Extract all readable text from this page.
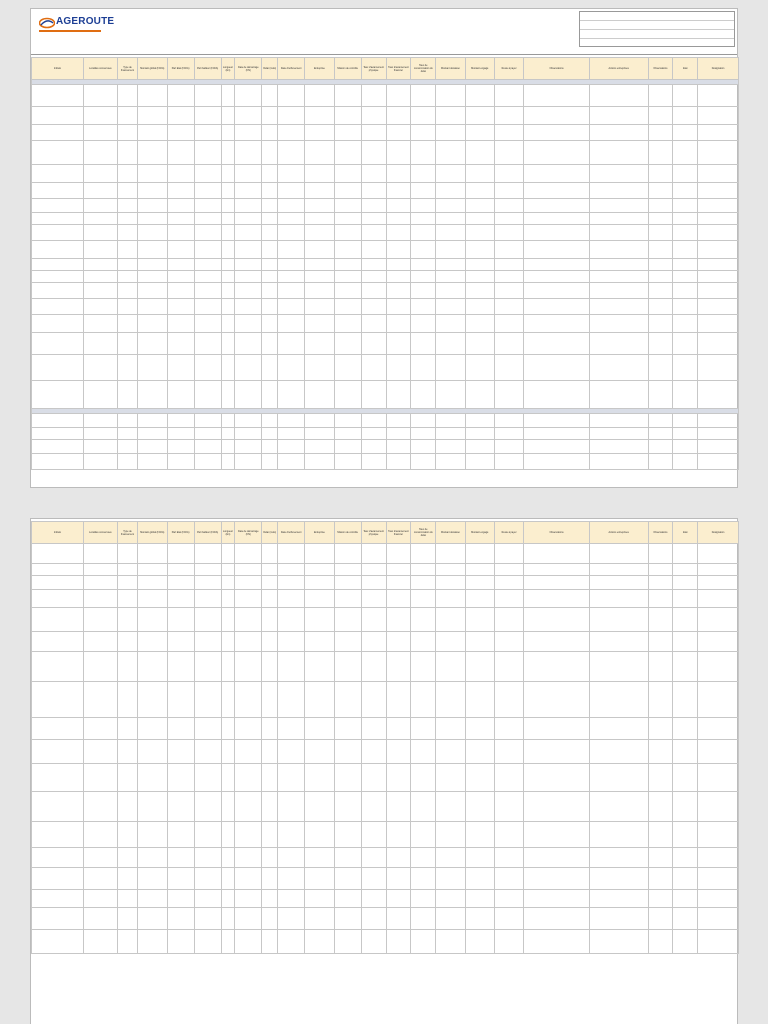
AGEROUTE
Intitulé	Localités concernées	Type de financement	Montant global (FCFA)	Part Etat (FCFA)	Part bailleur (FCFA)	Longueur (km)	Date de démarrage (OS)	Délai (mois)	Date d'achèvement	Entreprise	Mission de contrôle	Taux d'avancement physique	Taux d'avancement financier	Taux de consommation du délai	Montant décaissé	Montant engagé	Reste à payer	Observations	Actions entreprises	Observations	Etat	Désignation

Intitulé	Localités concernées	Type de financement	Montant global (FCFA)	Part Etat (FCFA)	Part bailleur (FCFA)	Longueur (km)	Date de démarrage (OS)	Délai (mois)	Date d'achèvement	Entreprise	Mission de contrôle	Taux d'avancement physique	Taux d'avancement financier	Taux de consommation du délai	Montant décaissé	Montant engagé	Reste à payer	Observations	Actions entreprises	Observations	Etat	Désignation
